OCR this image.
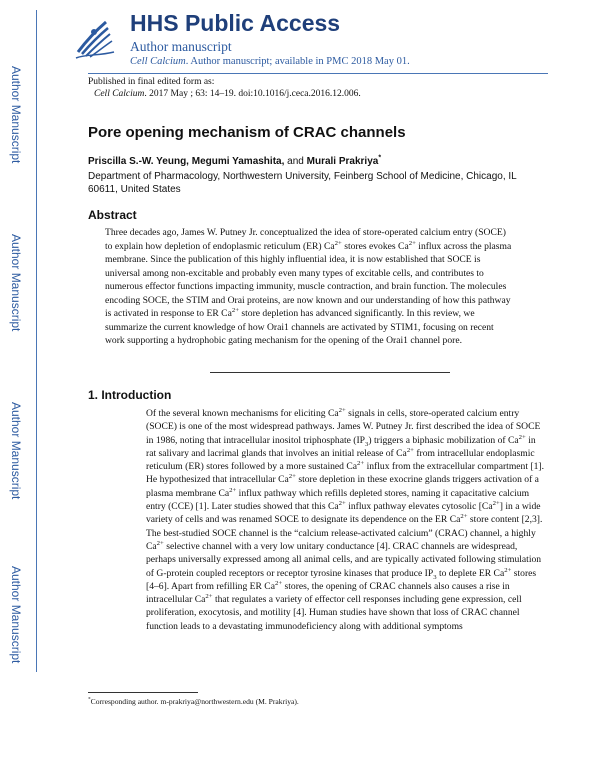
Author Manuscript
Author Manuscript
Author Manuscript
Author Manuscript
HHS Public Access
Author manuscript
Cell Calcium. Author manuscript; available in PMC 2018 May 01.
Published in final edited form as:
Cell Calcium. 2017 May ; 63: 14–19. doi:10.1016/j.ceca.2016.12.006.
Pore opening mechanism of CRAC channels
Priscilla S.-W. Yeung, Megumi Yamashita, and Murali Prakriya*
Department of Pharmacology, Northwestern University, Feinberg School of Medicine, Chicago, IL 60611, United States
Abstract
Three decades ago, James W. Putney Jr. conceptualized the idea of store-operated calcium entry (SOCE) to explain how depletion of endoplasmic reticulum (ER) $Ca^{2+}$ stores evokes $Ca^{2+}$ influx across the plasma membrane. Since the publication of this highly influential idea, it is now established that SOCE is universal among non-excitable and probably even many types of excitable cells, and contributes to numerous effector functions impacting immunity, muscle contraction, and brain function. The molecules encoding SOCE, the STIM and Orai proteins, are now known and our understanding of how this pathway is activated in response to ER $Ca^{2+}$ store depletion has advanced significantly. In this review, we summarize the current knowledge of how Orai1 channels are activated by STIM1, focusing on recent work supporting a hydrophobic gating mechanism for the opening of the Orai1 channel pore.
1. Introduction
Of the several known mechanisms for eliciting $Ca^{2+}$ signals in cells, store-operated calcium entry (SOCE) is one of the most widespread pathways. James W. Putney Jr. first described the idea of SOCE in 1986, noting that intracellular inositol triphosphate $(IP_3)$ triggers a biphasic mobilization of $Ca^{2+}$ in rat salivary and lacrimal glands that involves an initial release of $Ca^{2+}$ from intracellular endoplasmic reticulum (ER) stores followed by a more sustained $Ca^{2+}$ influx from the extracellular compartment [1]. He hypothesized that intracellular $Ca^{2+}$ store depletion in these exocrine glands triggers activation of a plasma membrane $Ca^{2+}$ influx pathway which refills depleted stores, naming it capacitative calcium entry (CCE) [1]. Later studies showed that this $Ca^{2+}$ influx pathway elevates cytosolic $[Ca^{2+}]$ in a wide variety of cells and was renamed SOCE to designate its dependence on the ER $Ca^{2+}$ store content [2,3]. The best-studied SOCE channel is the “calcium release-activated calcium” (CRAC) channel, a highly $Ca^{2+}$ selective channel with a very low unitary conductance [4]. CRAC channels are widespread, perhaps universally expressed among all animal cells, and are typically activated following stimulation of G-protein coupled receptors or receptor tyrosine kinases that produce $IP_3$ to deplete ER $Ca^{2+}$ stores [4–6]. Apart from refilling ER $Ca^{2+}$ stores, the opening of CRAC channels also causes a rise in intracellular $Ca^{2+}$ that regulates a variety of effector cell responses including gene expression, cell proliferation, exocytosis, and motility [4]. Human studies have shown that loss of CRAC channel function leads to a devastating immunodeficiency along with additional symptoms
*Corresponding author. m-prakriya@northwestern.edu (M. Prakriya).
